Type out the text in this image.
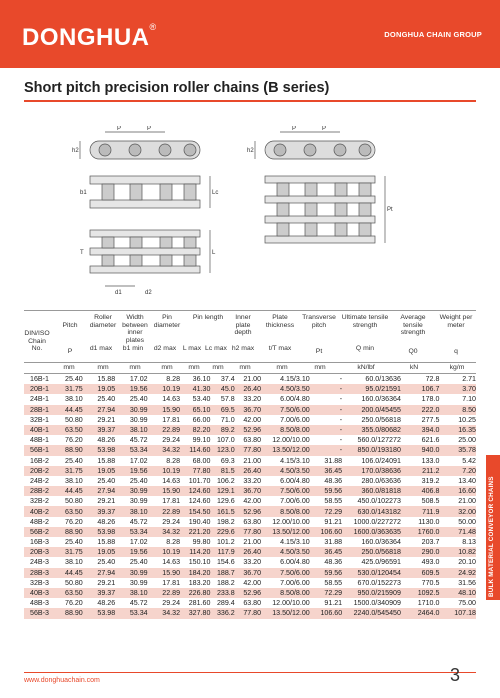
DONGHUA®
DONGHUA CHAIN GROUP
Short pitch precision roller chains (B series)
P	P	P	P
h2	h2
Lc
L
Pt
b1
d1	d2
T
DIN/ISO Chain No.
Pitch
Roller diameter
Width between inner plates
Pin diameter
Pin length	Inner plate depth
Plate thickness
Transverse pitch
Ultimate tensile strength
Average tensile strength
Weight per meter
P	d1 max	b1 min	d2 max L max Lc max h2 max	t/T max	Pt	Q min	Q0	q
mm	mm	mm	mm	mm	mm	mm	mm	mm	kN/lbf	kN	kg/m
16B-1	25.40	15.88	17.02	8.28	36.10	37.4	21.00	4.15/3.10	-	60.0/13636	72.8	2.71
20B-1	31.75	19.05	19.56	10.19	41.30	45.0	26.40	4.50/3.50	-	95.0/21591	106.7	3.70
24B-1	38.10	25.40	25.40	14.63	53.40	57.8	33.20	6.00/4.80	-	160.0/36364	178.0	7.10
28B-1	44.45	27.94	30.99	15.90	65.10	69.5	36.70	7.50/6.00	-	200.0/45455	222.0	8.50
32B-1	50.80	29.21	30.99	17.81	66.00	71.0	42.00	7.00/6.00	-	250.0/56818	277.5	10.25
40B-1	63.50	39.37	38.10	22.89	82.20	89.2	52.96	8.50/8.00	-	355.0/80682	394.0	16.35
48B-1	76.20	48.26	45.72	29.24	99.10	107.0	63.80	12.00/10.00	-	560.0/127272	621.6	25.00
56B-1	88.90	53.98	53.34	34.32	114.60	123.0	77.80	13.50/12.00	-	850.0/193180	940.0	35.78
16B-2	25.40	15.88	17.02	8.28	68.00	69.3	21.00	4.15/3.10	31.88	106.0/24091	133.0	5.42
20B-2	31.75	19.05	19.56	10.19	77.80	81.5	26.40	4.50/3.50	36.45	170.0/38636	211.2	7.20
24B-2	38.10	25.40	25.40	14.63	101.70	106.2	33.20	6.00/4.80	48.36	280.0/63636	319.2	13.40
28B-2	44.45	27.94	30.99	15.90	124.60	129.1	36.70	7.50/6.00	59.56	360.0/81818	406.8	16.60
32B-2	50.80	29.21	30.99	17.81	124.60	129.6	42.00	7.00/6.00	58.55	450.0/102273	508.5	21.00
40B-2	63.50	39.37	38.10	22.89	154.50	161.5	52.96	8.50/8.00	72.29	630.0/143182	711.9	32.00
48B-2	76.20	48.26	45.72	29.24	190.40	198.2	63.80	12.00/10.00	91.21	1000.0/227272	1130.0	50.00
56B-2	88.90	53.98	53.34	34.32	221.20	229.6	77.80	13.50/12.00	106.60	1600.0/363635	1760.0	71.48
16B-3	25.40	15.88	17.02	8.28	99.80	101.2	21.00	4.15/3.10	31.88	160.0/36364	203.7	8.13
20B-3	31.75	19.05	19.56	10.19	114.20	117.9	26.40	4.50/3.50	36.45	250.0/56818	290.0	10.82
24B-3	38.10	25.40	25.40	14.63	150.10	154.6	33.20	6.00/4.80	48.36	425.0/96591	493.0	20.10
28B-3	44.45	27.94	30.99	15.90	184.20	188.7	36.70	7.50/6.00	59.56	530.0/120454	609.5	24.92
32B-3	50.80	29.21	30.99	17.81	183.20	188.2	42.00	7.00/6.00	58.55	670.0/152273	770.5	31.56
40B-3	63.50	39.37	38.10	22.89	226.80	233.8	52.96	8.50/8.00	72.29	950.0/215909	1092.5	48.10
48B-3	76.20	48.26	45.72	29.24	281.60	289.4	63.80	12.00/10.00	91.21	1500.0/340909	1710.0	75.00
56B-3	88.90	53.98	53.34	34.32	327.80	336.2	77.80	13.50/12.00	106.60	2240.0/545450	2464.0	107.18
BULK MATERIAL CONVEYOR CHAINS
www.donghuachain.com	3
